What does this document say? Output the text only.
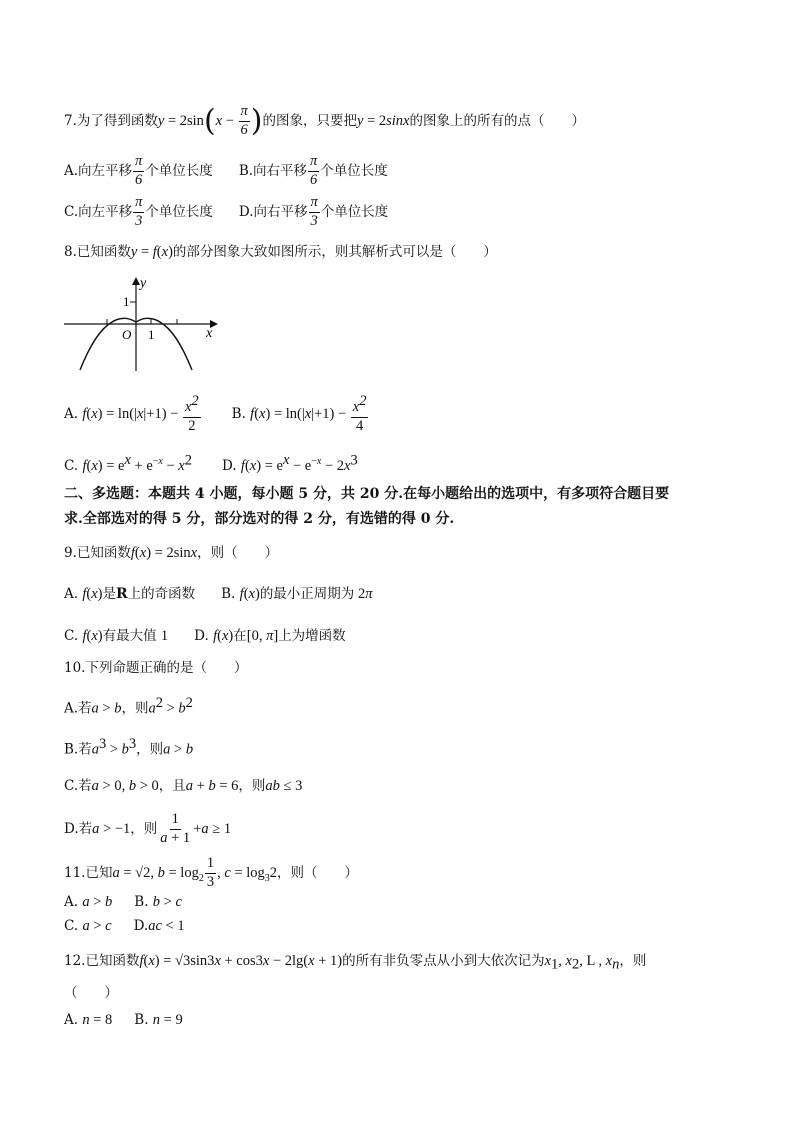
7.为了得到函数$y = 2\sin(x - \frac{\pi}{6}$ )的图象，只要把y = 2sinx的图象上的所有的点（　　）
A.向左平移 $\frac{\pi}{6}$ 个单位长度 B.向右平移 $\frac{\pi}{6}$ 个单位长度
C.向左平移 $\frac{\pi}{3}$ 个单位长度 D.向右平移 $\frac{\pi}{3}$ 个单位长度
8.已知函数y = f(x)的部分图象大致如图所示，则其解析式可以是（　　）
y
x
O 1
1
A. $f(x) = \ln(|x|+1) - \frac{x^2}{2} B$. $f(x) = \ln(|x|+1) - \frac{x^2}{4}$
C. $f(x) = e^x + e^{-x} - x^2$ D. $f(x) = e^x - e^{-x} - 2x^3$
二、多选题：本题共 4 小题，每小题 5 分，共 20 分.在每小题给出的选项中，有多项符合题目要
求.全部选对的得 5 分，部分选对的得 2 分，有选错的得 0 分.
9.已知函数f(x) = 2sinx，则（　　）
A. f(x)是R上的奇函数 B. f(x)的最小正周期为 2π
C. f(x)有最大值 1 D. f(x)在[0, π]上为增函数
10.下列命题正确的是（　　）
A.若a > b，则$a^2 > b^2$
B.若$a^3 > b^3$，则a > b
C.若a > 0, b > 0，且a + b = 6，则ab ≤ 3
D.若a > −1，则 $\frac{1}{a + 1} +a \ge 1$
11.已知a = √2, $b = \log_2 \frac{1}{3}$ , $c = \log_32$，则（　　）
A. a > b B. b > c
C. a > c D.ac < 1
12.已知函数f(x) = √3sin3x + cos3x − 2lg(x + 1)的所有非负零点从小到大依次记为$x_1$, $x_2$, L , $x_n$，则
（　　）
A. n = 8 B. n = 9
